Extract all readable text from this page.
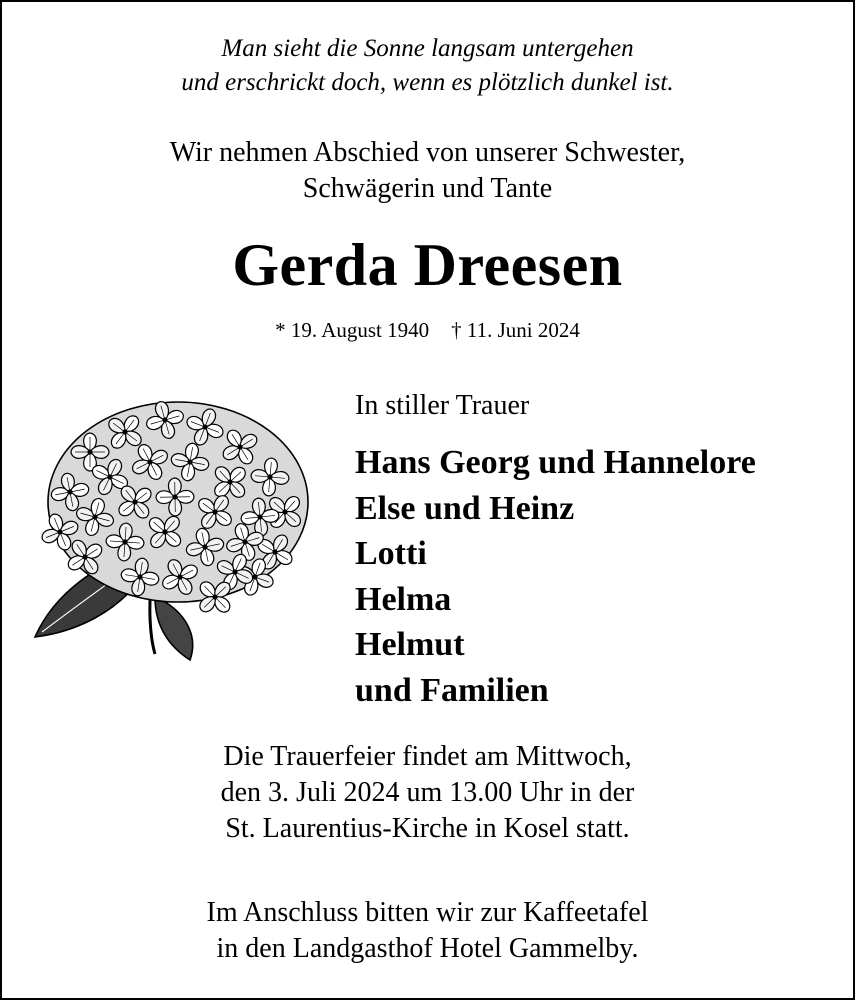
Man sieht die Sonne langsam untergehen
und erschrickt doch, wenn es plötzlich dunkel ist.
Wir nehmen Abschied von unserer Schwester,
Schwägerin und Tante
Gerda Dreesen
* 19. August 1940 † 11. Juni 2024
In stiller Trauer
Hans Georg und Hannelore
Else und Heinz
Lotti
Helma
Helmut
und Familien
Die Trauerfeier findet am Mittwoch,
den 3. Juli 2024 um 13.00 Uhr in der
St. Laurentius-Kirche in Kosel statt.
Im Anschluss bitten wir zur Kaffeetafel
in den Landgasthof Hotel Gammelby.
